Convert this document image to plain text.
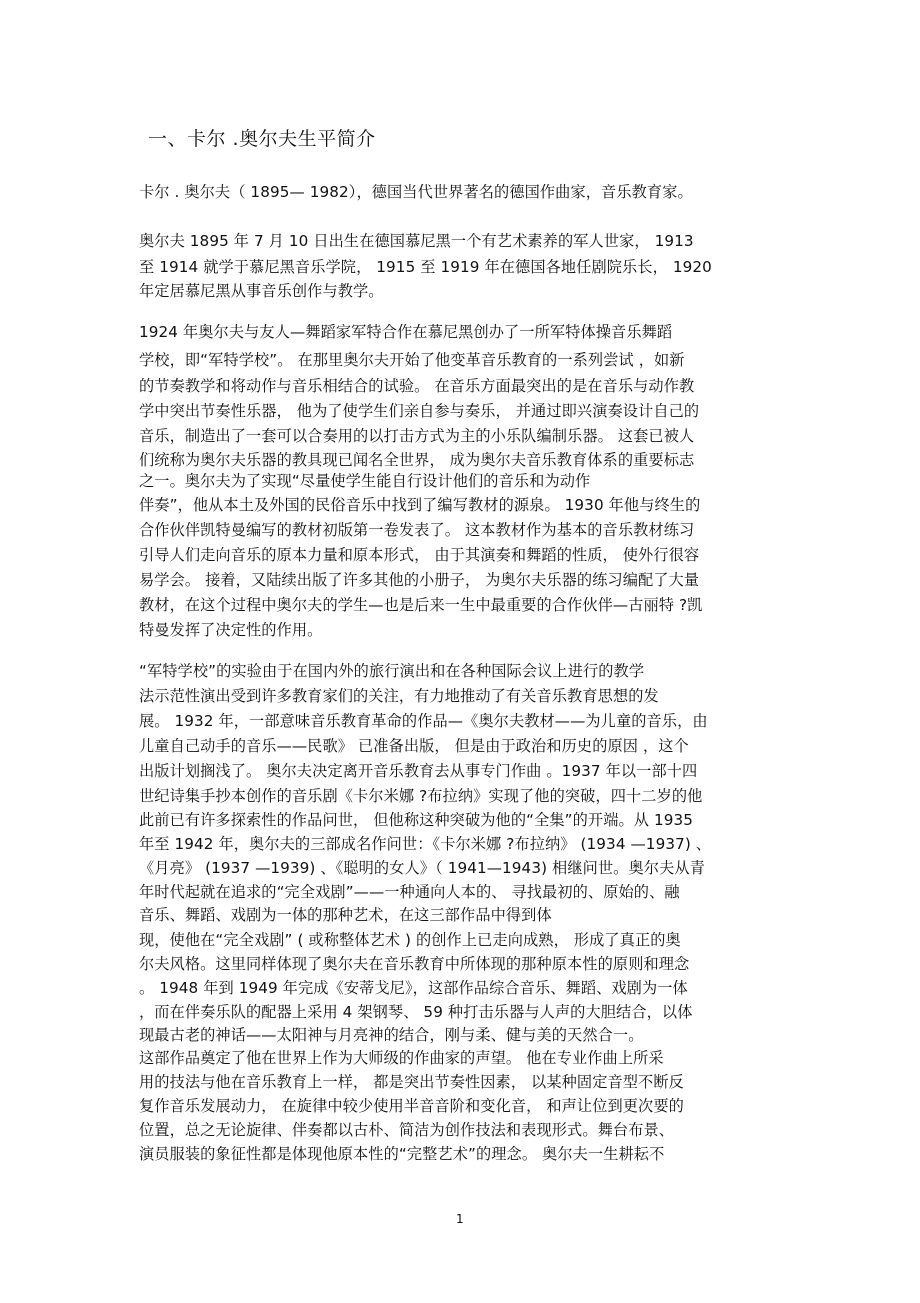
一、卡尔 .奥尔夫生平简介
卡尔 . 奥尔夫（ 1895— 1982），德国当代世界著名的德国作曲家，音乐教育家。
奥尔夫 1895 年 7 月 10 日出生在德国慕尼黑一个有艺术素养的军人世家， 1913
至 1914 就学于慕尼黑音乐学院， 1915 至 1919 年在德国各地任剧院乐长， 1920
年定居慕尼黑从事音乐创作与教学。
1924 年奥尔夫与友人—舞蹈家军特合作在慕尼黑创办了一所军特体操音乐舞蹈
学校，即“军特学校”。 在那里奥尔夫开始了他变革音乐教育的一系列尝试 ，如新
的节奏教学和将动作与音乐相结合的试验。 在音乐方面最突出的是在音乐与动作教
学中突出节奏性乐器， 他为了使学生们亲自参与奏乐， 并通过即兴演奏设计自己的
音乐，制造出了一套可以合奏用的以打击方式为主的小乐队编制乐器。 这套已被人
们统称为奥尔夫乐器的教具现已闻名全世界， 成为奥尔夫音乐教育体系的重要标志
之一。奥尔夫为了实现“尽量使学生能自行设计他们的音乐和为动作
伴奏”，他从本土及外国的民俗音乐中找到了编写教材的源泉。 1930 年他与终生的
合作伙伴凯特曼编写的教材初版第一卷发表了。 这本教材作为基本的音乐教材练习
引导人们走向音乐的原本力量和原本形式， 由于其演奏和舞蹈的性质， 使外行很容
易学会。 接着，又陆续出版了许多其他的小册子， 为奥尔夫乐器的练习编配了大量
教材，在这个过程中奥尔夫的学生—也是后来一生中最重要的合作伙伴—古丽特 ?凯
特曼发挥了决定性的作用。
“军特学校”的实验由于在国内外的旅行演出和在各种国际会议上进行的教学
法示范性演出受到许多教育家们的关注，有力地推动了有关音乐教育思想的发
展。 1932 年，一部意味音乐教育革命的作品—《奥尔夫教材——为儿童的音乐，由
儿童自己动手的音乐——民歌》 已准备出版， 但是由于政治和历史的原因 ，这个
出版计划搁浅了。 奥尔夫决定离开音乐教育去从事专门作曲 。1937 年以一部十四
世纪诗集手抄本创作的音乐剧《卡尔米娜 ?布拉纳》实现了他的突破，四十二岁的他
此前已有许多探索性的作品问世， 但他称这种突破为他的“全集”的开端。从 1935
年至 1942 年，奥尔夫的三部成名作问世：《卡尔米娜 ?布拉纳》 (1934 —1937) 、
《月亮》 (1937 —1939) 、《聪明的女人》（ 1941—1943) 相继问世。奥尔夫从青
年时代起就在追求的“完全戏剧”——一种通向人本的、 寻找最初的、原始的、融
音乐、舞蹈、戏剧为一体的那种艺术，在这三部作品中得到体
现，使他在“完全戏剧” ( 或称整体艺术 ) 的创作上已走向成熟， 形成了真正的奥
尔夫风格。这里同样体现了奥尔夫在音乐教育中所体现的那种原本性的原则和理念
。 1948 年到 1949 年完成《安蒂戈尼》，这部作品综合音乐、舞蹈、戏剧为一体
，而在伴奏乐队的配器上采用 4 架钢琴、 59 种打击乐器与人声的大胆结合，以体
现最古老的神话——太阳神与月亮神的结合，刚与柔、健与美的天然合一。
这部作品奠定了他在世界上作为大师级的作曲家的声望。 他在专业作曲上所采
用的技法与他在音乐教育上一样， 都是突出节奏性因素， 以某种固定音型不断反
复作音乐发展动力， 在旋律中较少使用半音音阶和变化音， 和声让位到更次要的
位置，总之无论旋律、伴奏都以古朴、简洁为创作技法和表现形式。舞台布景、
演员服装的象征性都是体现他原本性的“完整艺术”的理念。 奥尔夫一生耕耘不
1
